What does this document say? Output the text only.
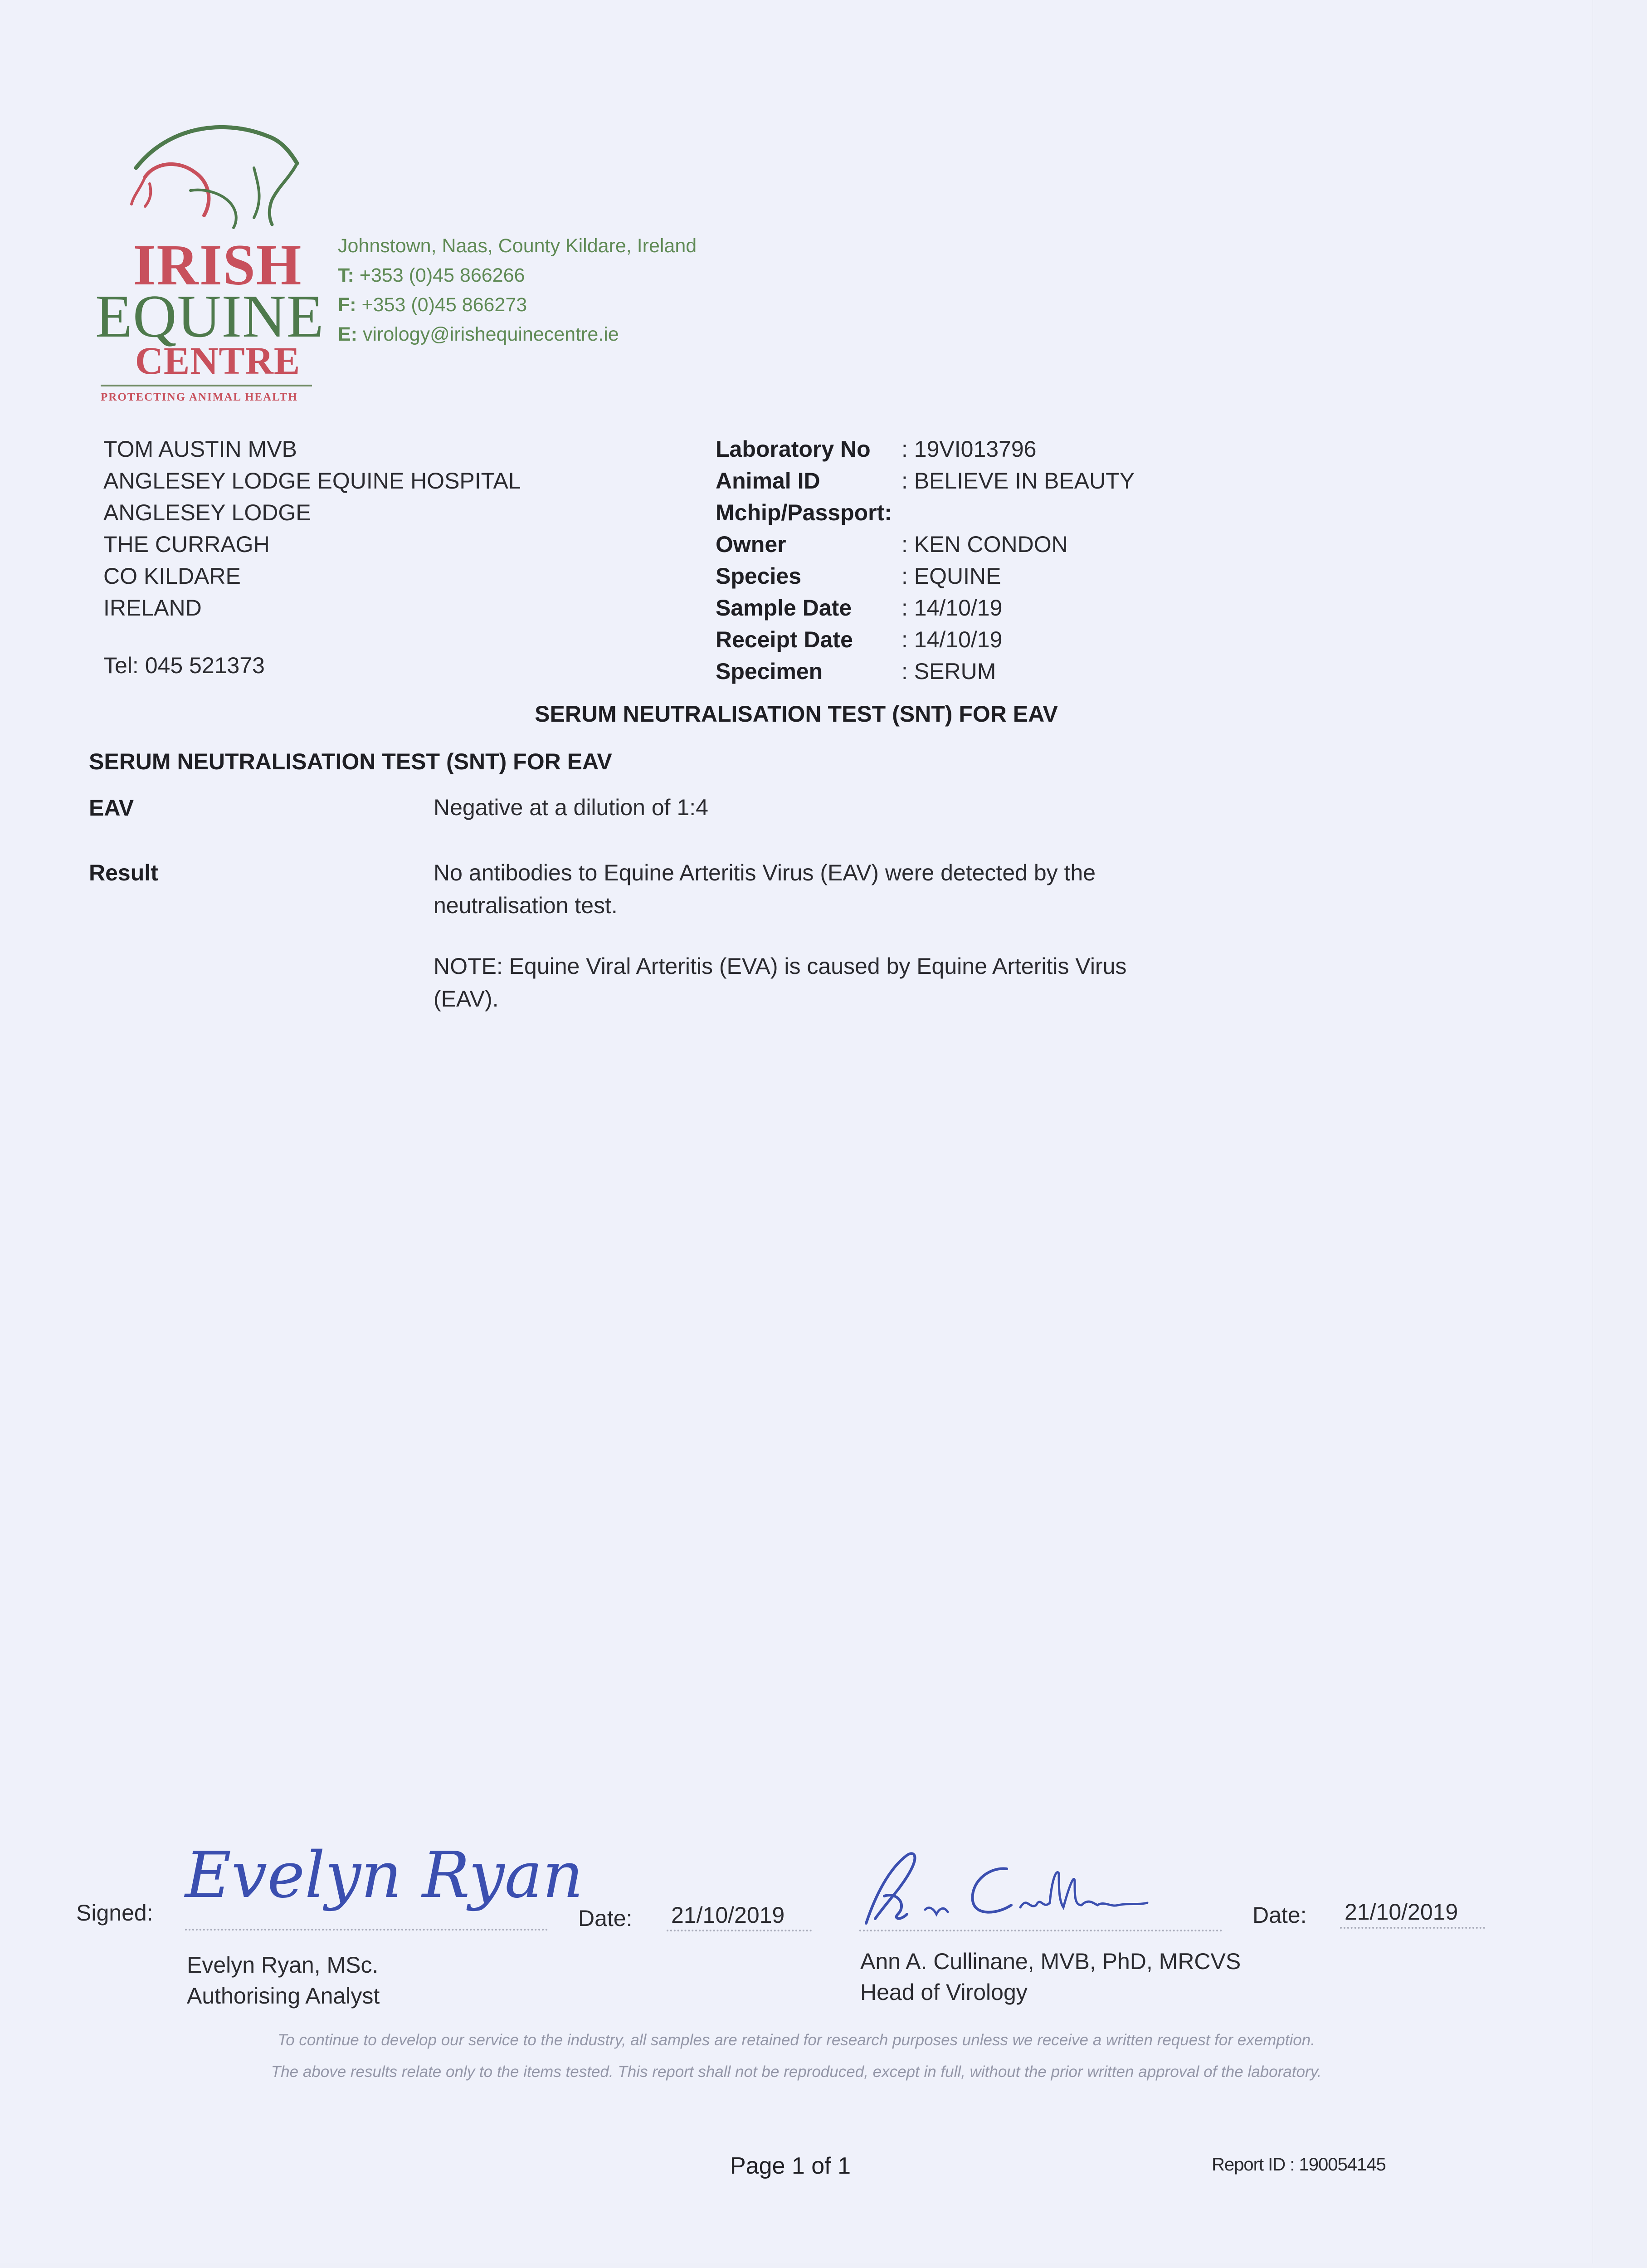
IRISH
EQUINE
CENTRE
PROTECTING ANIMAL HEALTH
Johnstown, Naas, County Kildare, Ireland
T: +353 (0)45 866266
F: +353 (0)45 866273
E: virology@irishequinecentre.ie
TOM AUSTIN MVB
ANGLESEY LODGE EQUINE HOSPITAL
ANGLESEY LODGE
THE CURRAGH
CO KILDARE
IRELAND
Tel: 045 521373
Laboratory No	: 19VI013796
Animal ID	: BELIEVE IN BEAUTY
Mchip/Passport:
Owner	: KEN CONDON
Species	: EQUINE
Sample Date	: 14/10/19
Receipt Date	: 14/10/19
Specimen	: SERUM
SERUM NEUTRALISATION TEST (SNT) FOR EAV
SERUM NEUTRALISATION TEST (SNT) FOR EAV
EAV	Negative at a dilution of 1:4
Result	No antibodies to Equine Arteritis Virus (EAV) were detected by the neutralisation test.
NOTE: Equine Viral Arteritis (EVA) is caused by Equine Arteritis Virus (EAV).
Signed:
Evelyn Ryan
Date: 21/10/2019
Evelyn Ryan, MSc.
Authorising Analyst
Date: 21/10/2019
Ann A. Cullinane, MVB, PhD, MRCVS
Head of Virology
To continue to develop our service to the industry, all samples are retained for research purposes unless we receive a written request for exemption.
The above results relate only to the items tested. This report shall not be reproduced, except in full, without the prior written approval of the laboratory.
Page 1 of 1	Report ID : 190054145
